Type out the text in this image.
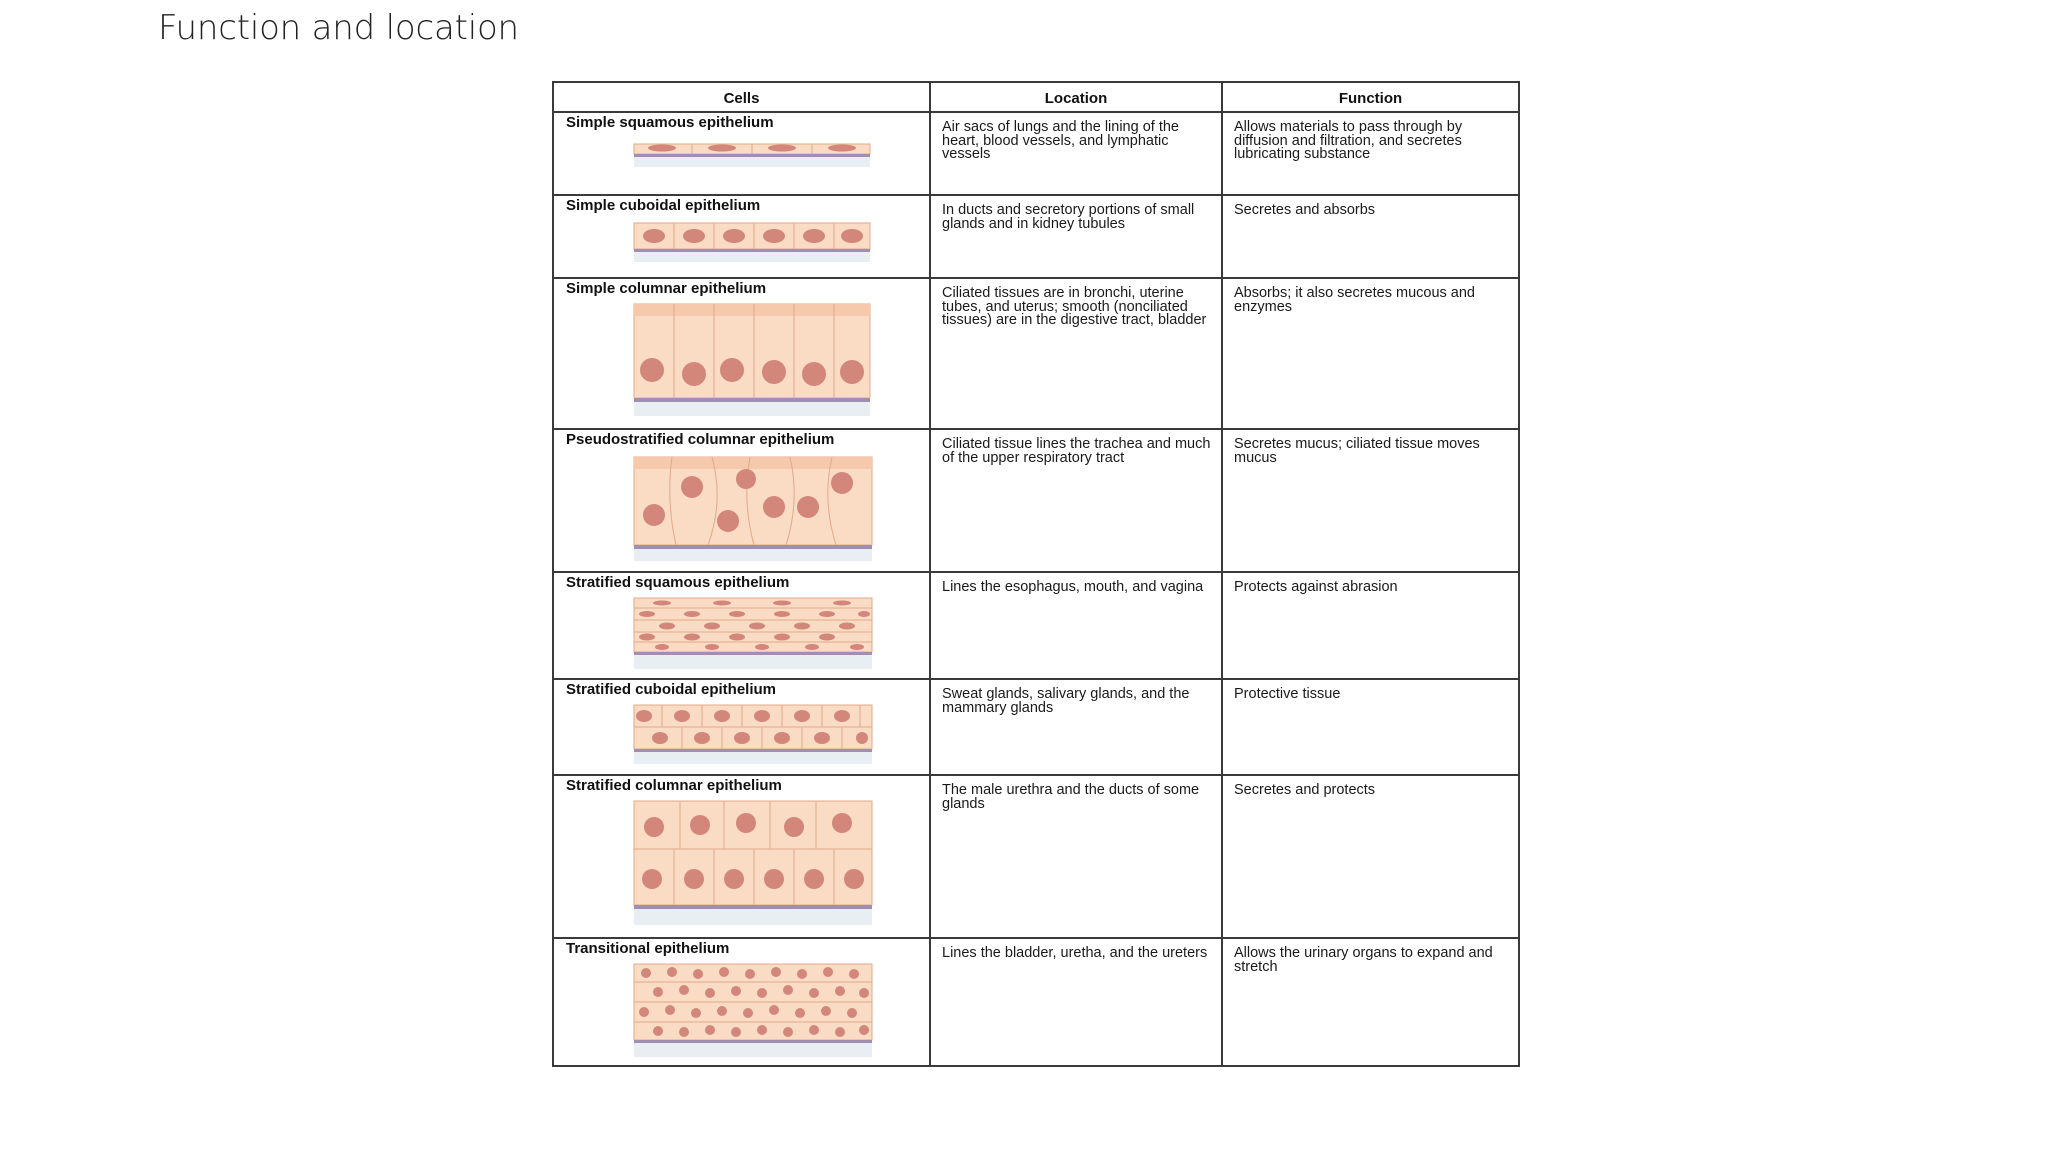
Function and location
Cells	Location	Function

Simple squamous epithelium	Air sacs of lungs and the lining of the heart, blood vessels, and lymphatic vessels	Allows materials to pass through by diffusion and filtration, and secretes lubricating substance

Simple cuboidal epithelium	In ducts and secretory portions of small glands and in kidney tubules	Secretes and absorbs

Simple columnar epithelium	Ciliated tissues are in bronchi, uterine tubes, and uterus; smooth (nonciliated tissues) are in the digestive tract, bladder	Absorbs; it also secretes mucous and enzymes

Pseudostratified columnar epithelium	Ciliated tissue lines the trachea and much of the upper respiratory tract	Secretes mucus; ciliated tissue moves mucus

Stratified squamous epithelium	Lines the esophagus, mouth, and vagina	Protects against abrasion

Stratified cuboidal epithelium	Sweat glands, salivary glands, and the mammary glands	Protective tissue

Stratified columnar epithelium	The male urethra and the ducts of some glands	Secretes and protects

Transitional epithelium	Lines the bladder, uretha, and the ureters	Allows the urinary organs to expand and stretch
